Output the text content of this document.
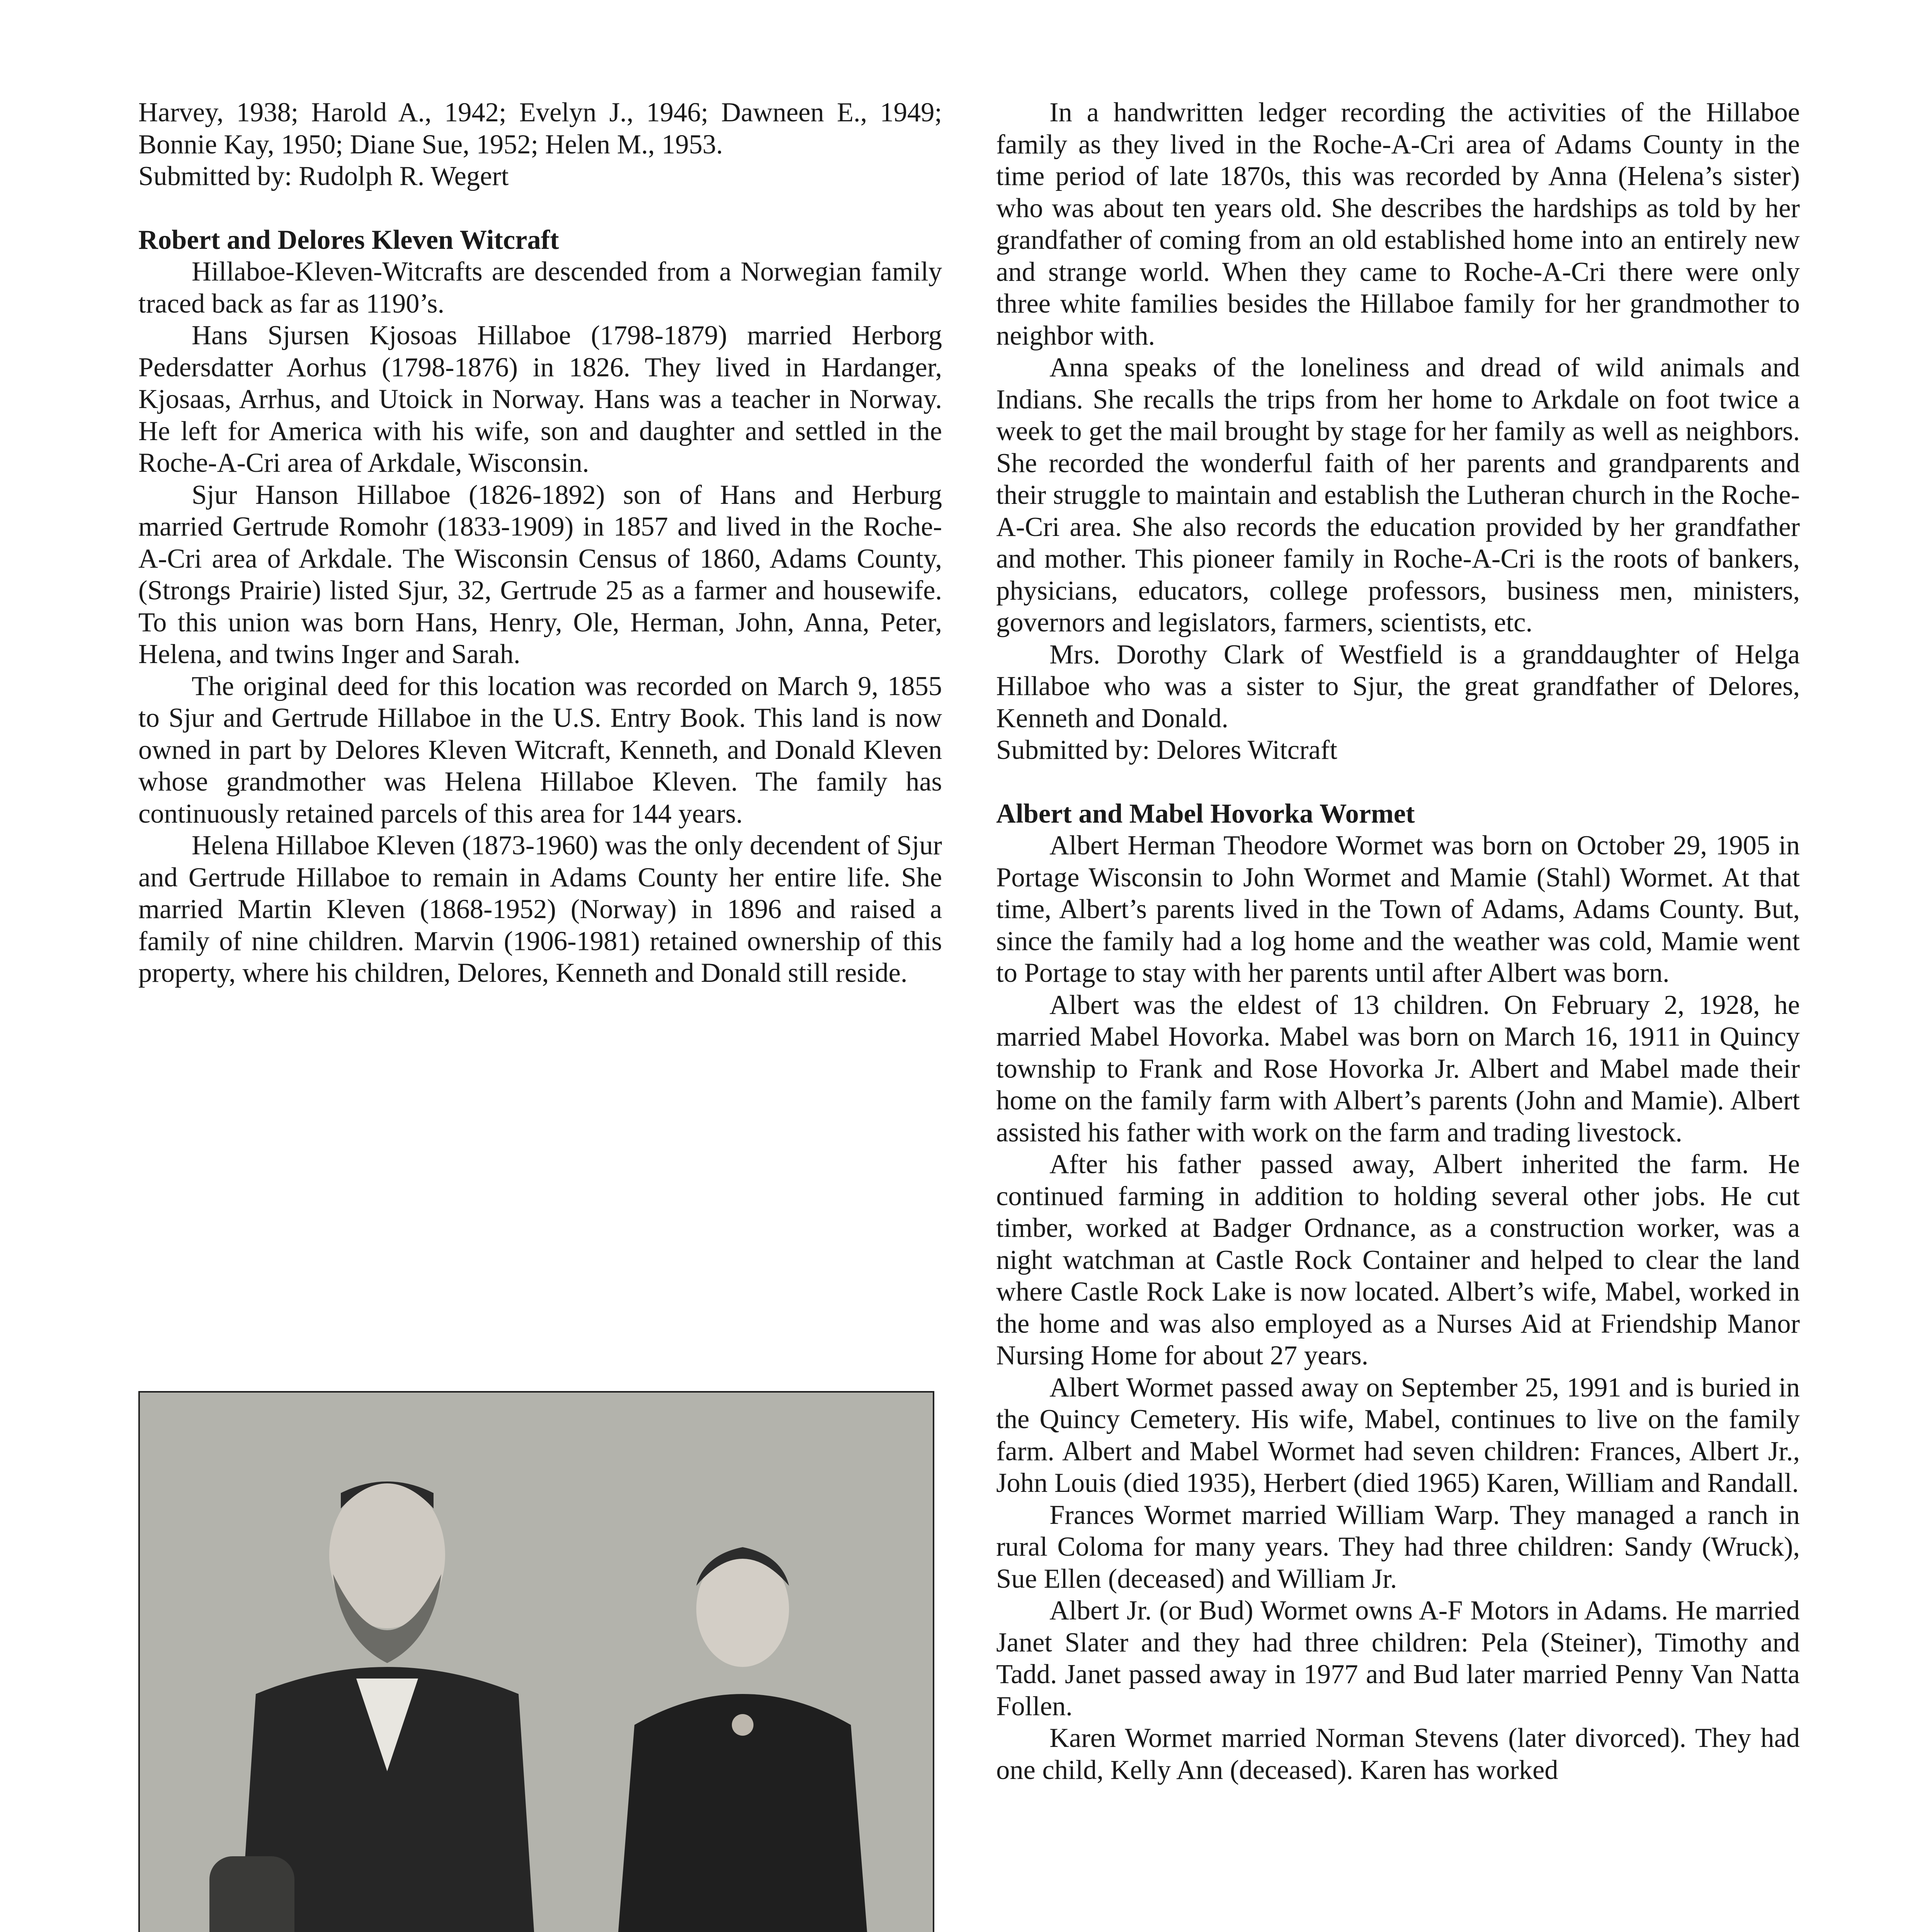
Harvey, 1938; Harold A., 1942; Evelyn J., 1946; Dawneen E., 1949; Bonnie Kay, 1950; Diane Sue, 1952; Helen M., 1953.

Submitted by: Rudolph R. Wegert

Robert and Delores Kleven Witcraft

Hillaboe-Kleven-Witcrafts are descended from a Norwegian family traced back as far as 1190’s.

Hans Sjursen Kjosoas Hillaboe (1798-1879) married Herborg Pedersdatter Aorhus (1798-1876) in 1826. They lived in Hardanger, Kjosaas, Arrhus, and Utoick in Norway. Hans was a teacher in Norway. He left for America with his wife, son and daughter and settled in the Roche-A-Cri area of Arkdale, Wisconsin.

Sjur Hanson Hillaboe (1826-1892) son of Hans and Herburg married Gertrude Romohr (1833-1909) in 1857 and lived in the Roche-A-Cri area of Arkdale. The Wisconsin Census of 1860, Adams County, (Strongs Prairie) listed Sjur, 32, Gertrude 25 as a farmer and housewife. To this union was born Hans, Henry, Ole, Herman, John, Anna, Peter, Helena, and twins Inger and Sarah.

The original deed for this location was recorded on March 9, 1855 to Sjur and Gertrude Hillaboe in the U.S. Entry Book. This land is now owned in part by Delores Kleven Witcraft, Kenneth, and Donald Kleven whose grandmother was Helena Hillaboe Kleven. The family has continuously retained parcels of this area for 144 years.

Helena Hillaboe Kleven (1873-1960) was the only decendent of Sjur and Gertrude Hillaboe to remain in Adams County her entire life. She married Martin Kleven (1868-1952) (Norway) in 1896 and raised a family of nine children. Marvin (1906-1981) retained ownership of this property, where his children, Delores, Kenneth and Donald still reside.

In a handwritten ledger recording the activities of the Hillaboe family as they lived in the Roche-A-Cri area of Adams County in the time period of late 1870s, this was recorded by Anna (Helena’s sister) who was about ten years old. She describes the hardships as told by her grandfather of coming from an old established home into an entirely new and strange world. When they came to Roche-A-Cri there were only three white families besides the Hillaboe family for her grandmother to neighbor with.

Anna speaks of the loneliness and dread of wild animals and Indians. She recalls the trips from her home to Arkdale on foot twice a week to get the mail brought by stage for her family as well as neighbors. She recorded the wonderful faith of her parents and grandparents and their struggle to maintain and establish the Lutheran church in the Roche-A-Cri area. She also records the education provided by her grandfather and mother. This pioneer family in Roche-A-Cri is the roots of bankers, physicians, educators, college professors, business men, ministers, governors and legislators, farmers, scientists, etc.

Mrs. Dorothy Clark of Westfield is a granddaughter of Helga Hillaboe who was a sister to Sjur, the great grandfather of Delores, Kenneth and Donald.

Submitted by: Delores Witcraft

Albert and Mabel Hovorka Wormet

Albert Herman Theodore Wormet was born on October 29, 1905 in Portage Wisconsin to John Wormet and Mamie (Stahl) Wormet. At that time, Albert’s parents lived in the Town of Adams, Adams County. But, since the family had a log home and the weather was cold, Mamie went to Portage to stay with her parents until after Albert was born.

Albert was the eldest of 13 children. On February 2, 1928, he married Mabel Hovorka. Mabel was born on March 16, 1911 in Quincy township to Frank and Rose Hovorka Jr. Albert and Mabel made their home on the family farm with Albert’s parents (John and Mamie). Albert assisted his father with work on the farm and trading livestock.

After his father passed away, Albert inherited the farm. He continued farming in addition to holding several other jobs. He cut timber, worked at Badger Ordnance, as a construction worker, was a night watchman at Castle Rock Container and helped to clear the land where Castle Rock Lake is now located. Albert’s wife, Mabel, worked in the home and was also employed as a Nurses Aid at Friendship Manor Nursing Home for about 27 years.

Albert Wormet passed away on September 25, 1991 and is buried in the Quincy Cemetery. His wife, Mabel, continues to live on the family farm. Albert and Mabel Wormet had seven children: Frances, Albert Jr., John Louis (died 1935), Herbert (died 1965) Karen, William and Randall.

Frances Wormet married William Warp. They managed a ranch in rural Coloma for many years. They had three children: Sandy (Wruck), Sue Ellen (deceased) and William Jr.

Albert Jr. (or Bud) Wormet owns A-F Motors in Adams. He married Janet Slater and they had three children: Pela (Steiner), Timothy and Tadd. Janet passed away in 1977 and Bud later married Penny Van Natta Follen.

Karen Wormet married Norman Stevens (later divorced). They had one child, Kelly Ann (deceased). Karen has worked
